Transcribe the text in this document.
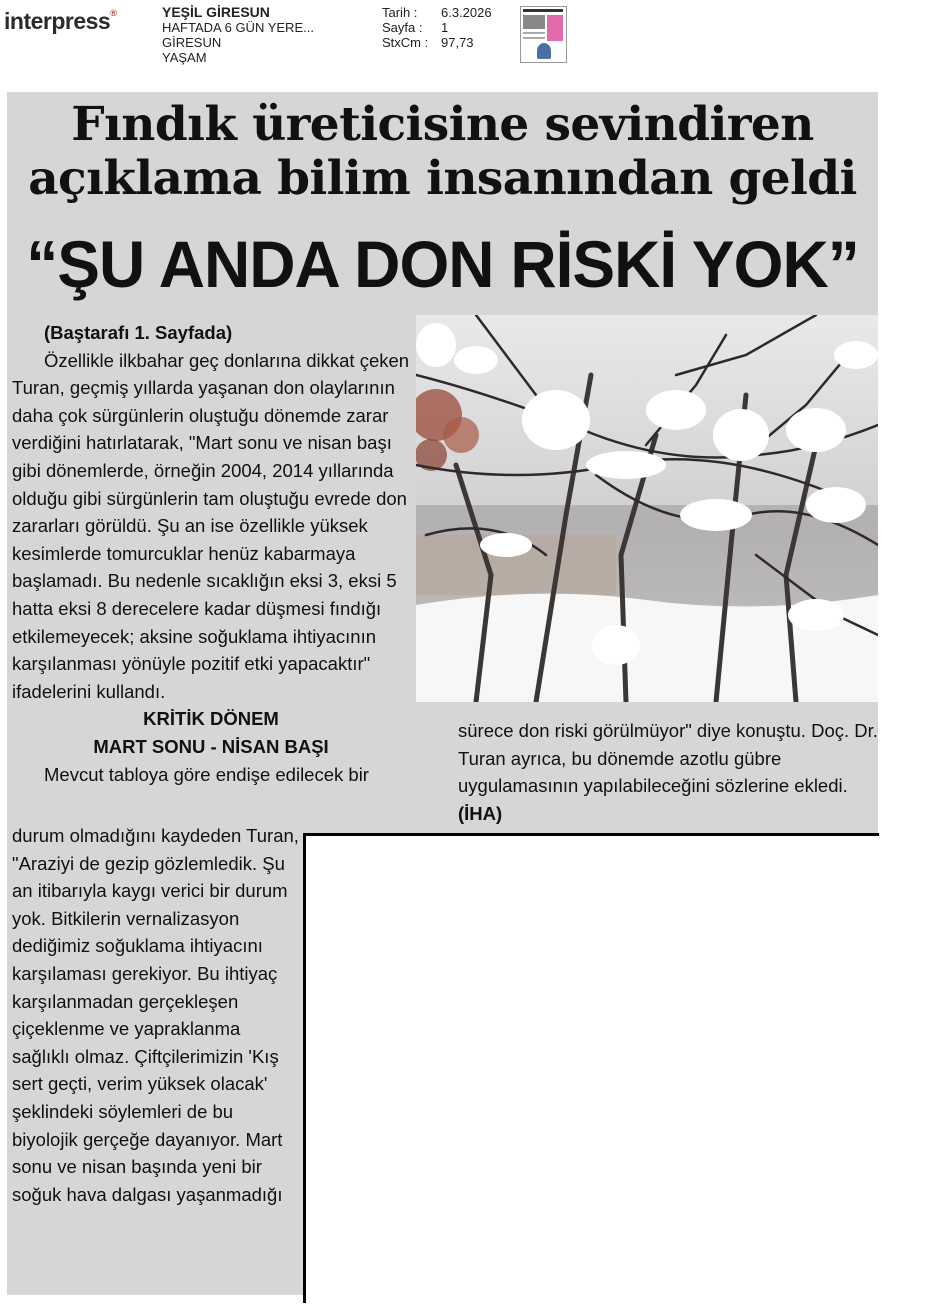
interpress®	YEŞİL GİRESUN
HAFTADA 6 GÜN YERE...
GİRESUN
YAŞAM
Tarih :
Sayfa :
StxCm :
6.3.2026
1
97,73
Fındık üreticisine sevindiren
açıklama bilim insanından geldi
“ŞU ANDA DON RİSKİ YOK”

(Baştarafı 1. Sayfada)

Özellikle ilkbahar geç donlarına dikkat çeken Turan, geçmiş yıllarda yaşanan don olaylarının daha çok sürgünlerin oluştuğu dönemde zarar verdiğini hatırlatarak, "Mart sonu ve nisan başı gibi dönemlerde, örneğin 2004, 2014 yıllarında olduğu gibi sürgünlerin tam oluştuğu evrede don zararları görüldü. Şu an ise özellikle yüksek kesimlerde tomurcuklar henüz kabarmaya başlamadı. Bu nedenle sıcaklığın eksi 3, eksi 5 hatta eksi 8 derecelere kadar düşmesi fındığı etkilemeyecek; aksine soğuklama ihtiyacının karşılanması yönüyle pozitif etki yapacaktır" ifadelerini kullandı.

KRİTİK DÖNEM

MART SONU - NİSAN BAŞI

Mevcut tabloya göre endişe edilecek bir

durum olmadığını kaydeden Turan, "Araziyi de gezip gözlemledik. Şu an itibarıyla kaygı verici bir durum yok. Bitkilerin vernalizasyon dediğimiz soğuklama ihtiyacını karşılaması gerekiyor. Bu ihtiyaç karşılanmadan gerçekleşen çiçeklenme ve yapraklanma sağlıklı olmaz. Çiftçilerimizin 'Kış sert geçti, verim yüksek olacak' şeklindeki söylemleri de bu biyolojik gerçeğe dayanıyor. Mart sonu ve nisan başında yeni bir soğuk hava dalgası yaşanmadığı

sürece don riski görülmüyor" diye konuştu. Doç. Dr. Turan ayrıca, bu dönemde azotlu gübre uygulamasının yapılabileceğini sözlerine ekledi.

(İHA)
